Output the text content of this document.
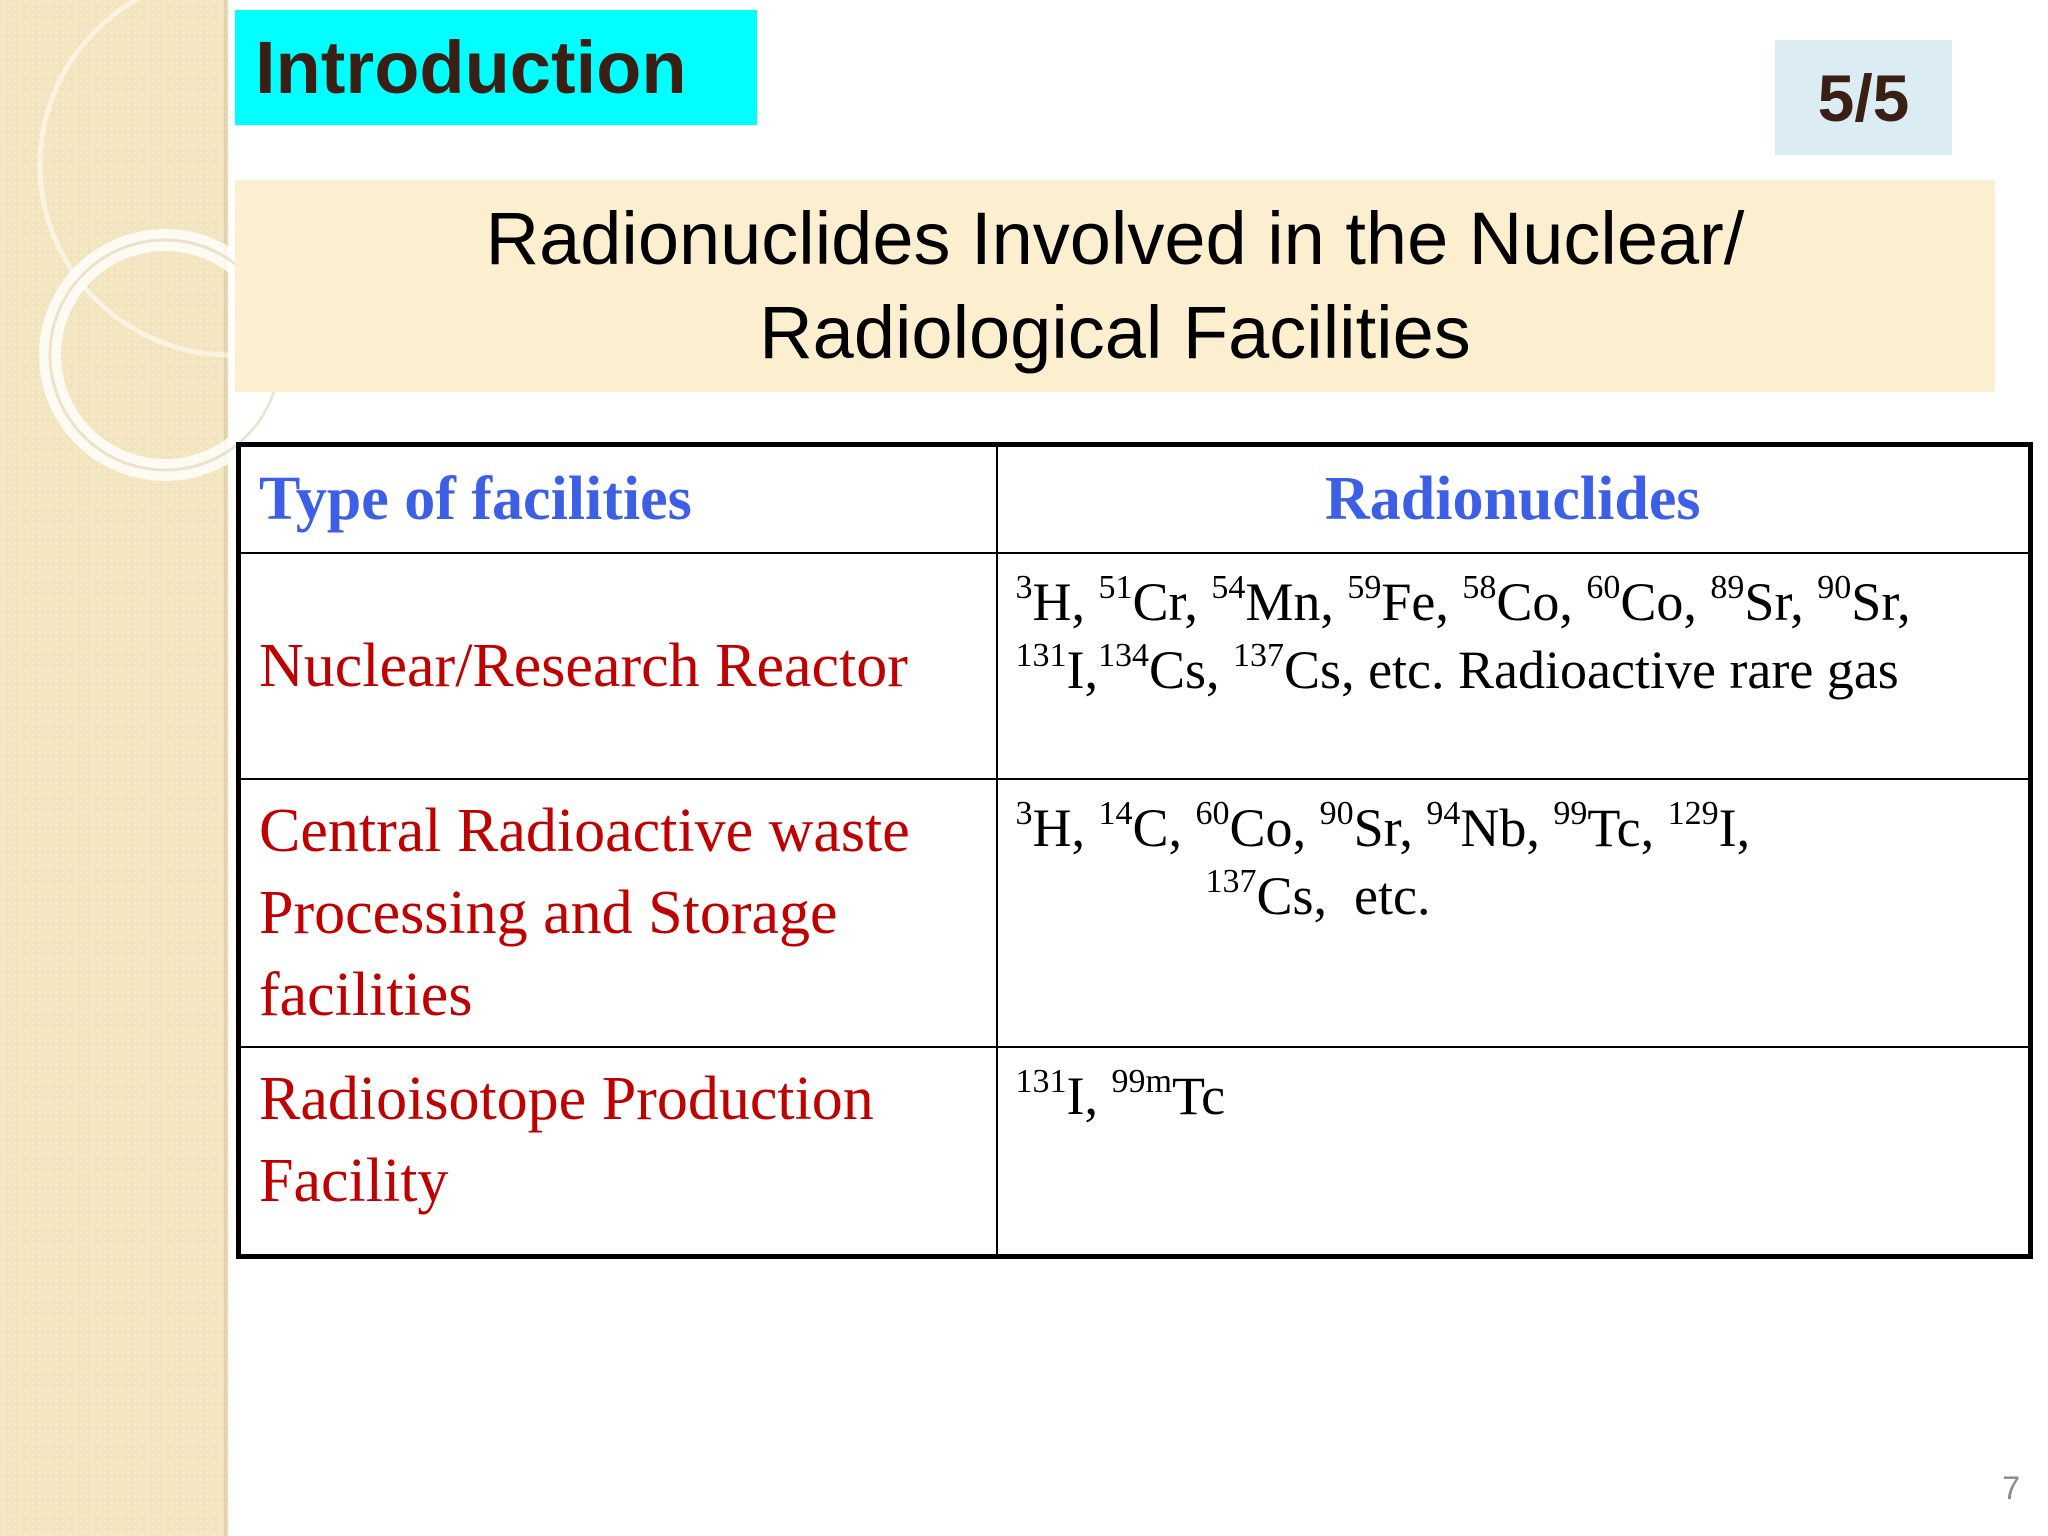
Introduction	5/5
Radionuclides Involved in the Nuclear/
Radiological Facilities
Type of facilities	Radionuclides
Nuclear/Research Reactor	$^3$H, $^{51}$Cr, $^{54}$Mn, $^{59}$Fe, $^{58}$Co, $^{60}$Co, $^{89}$Sr, $^{90}$Sr,
$^{131}$I,$^{134}$Cs, $^{137}$Cs, etc. Radioactive rare gas
Central Radioactive waste
Processing and Storage
facilities	$^3$H, $^{14}$C, $^{60}$Co, $^{90}$Sr, $^{94}$Nb, $^{99}$Tc, $^{129}$I,
$^{137}$Cs,  etc.
Radioisotope Production
Facility	$^{131}$I, $^{99m}$Tc
7
